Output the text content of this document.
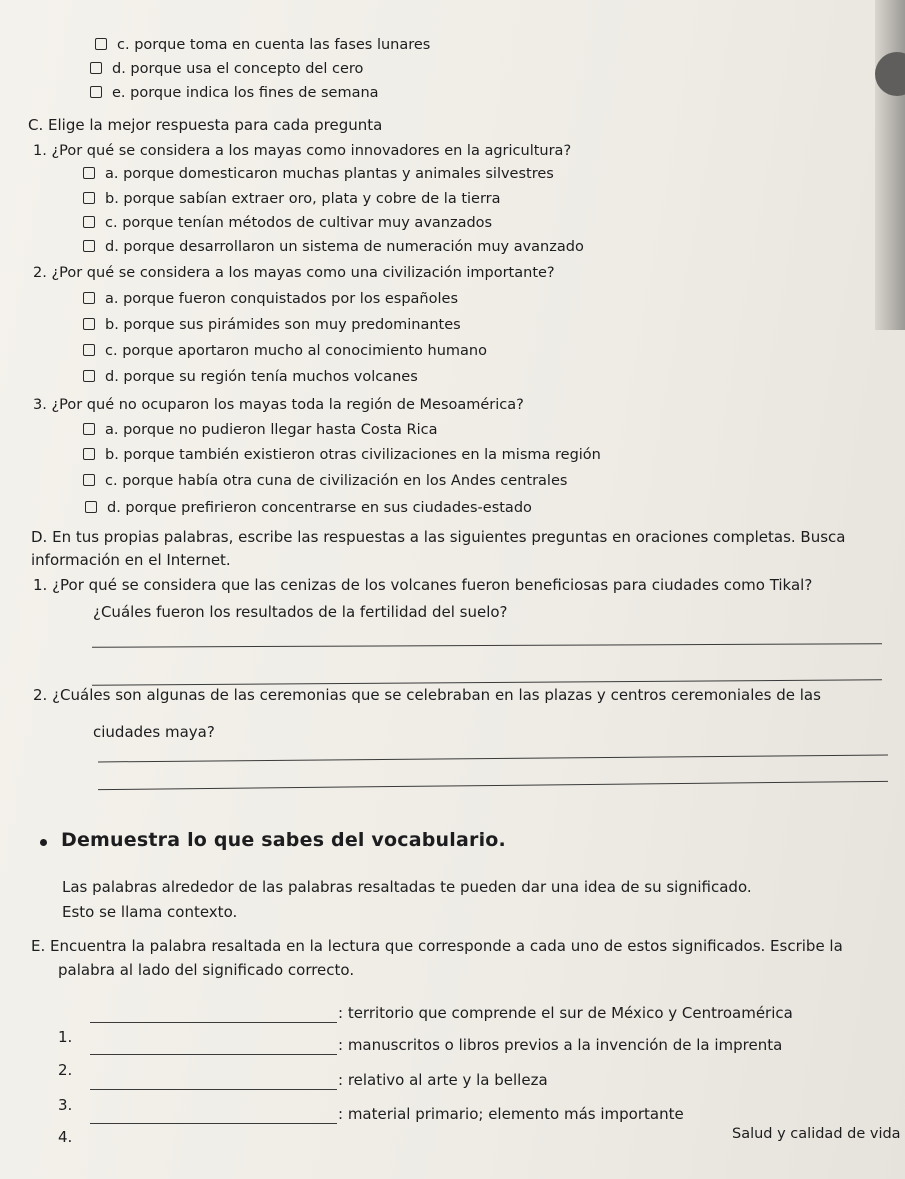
c. porque toma en cuenta las fases lunares
d. porque usa el concepto del cero
e. porque indica los fines de semana
C. Elige la mejor respuesta para cada pregunta
1. ¿Por qué se considera a los mayas como innovadores en la agricultura?
a. porque domesticaron muchas plantas y animales silvestres
b. porque sabían extraer oro, plata y cobre de la tierra
c. porque tenían métodos de cultivar muy avanzados
d. porque desarrollaron un sistema de numeración muy avanzado
2. ¿Por qué se considera a los mayas como una civilización importante?
a. porque fueron conquistados por los españoles
b. porque sus pirámides son muy predominantes
c. porque aportaron mucho al conocimiento humano
d. porque su región tenía muchos volcanes
3. ¿Por qué no ocuparon los mayas toda la región de Mesoamérica?
a. porque no pudieron llegar hasta Costa Rica
b. porque también existieron otras civilizaciones en la misma región
c. porque había otra cuna de civilización en los Andes centrales
d. porque prefirieron concentrarse en sus ciudades-estado
D. En tus propias palabras, escribe las respuestas a las siguientes preguntas en oraciones completas. Busca
información en el Internet.
1. ¿Por qué se considera que las cenizas de los volcanes fueron beneficiosas para ciudades como Tikal?
¿Cuáles fueron los resultados de la fertilidad del suelo?
2. ¿Cuáles son algunas de las ceremonias que se celebraban en las plazas y centros ceremoniales de las
ciudades maya?
Demuestra lo que sabes del vocabulario.
Las palabras alrededor de las palabras resaltadas te pueden dar una idea de su significado.
Esto se llama contexto.
E. Encuentra la palabra resaltada en la lectura que corresponde a cada uno de estos significados. Escribe la
palabra al lado del significado correcto.
1.
: territorio que comprende el sur de México y Centroamérica
2.
: manuscritos o libros previos a la invención de la imprenta
3.
: relativo al arte y la belleza
4.
: material primario; elemento más importante
Salud y calidad de vida
